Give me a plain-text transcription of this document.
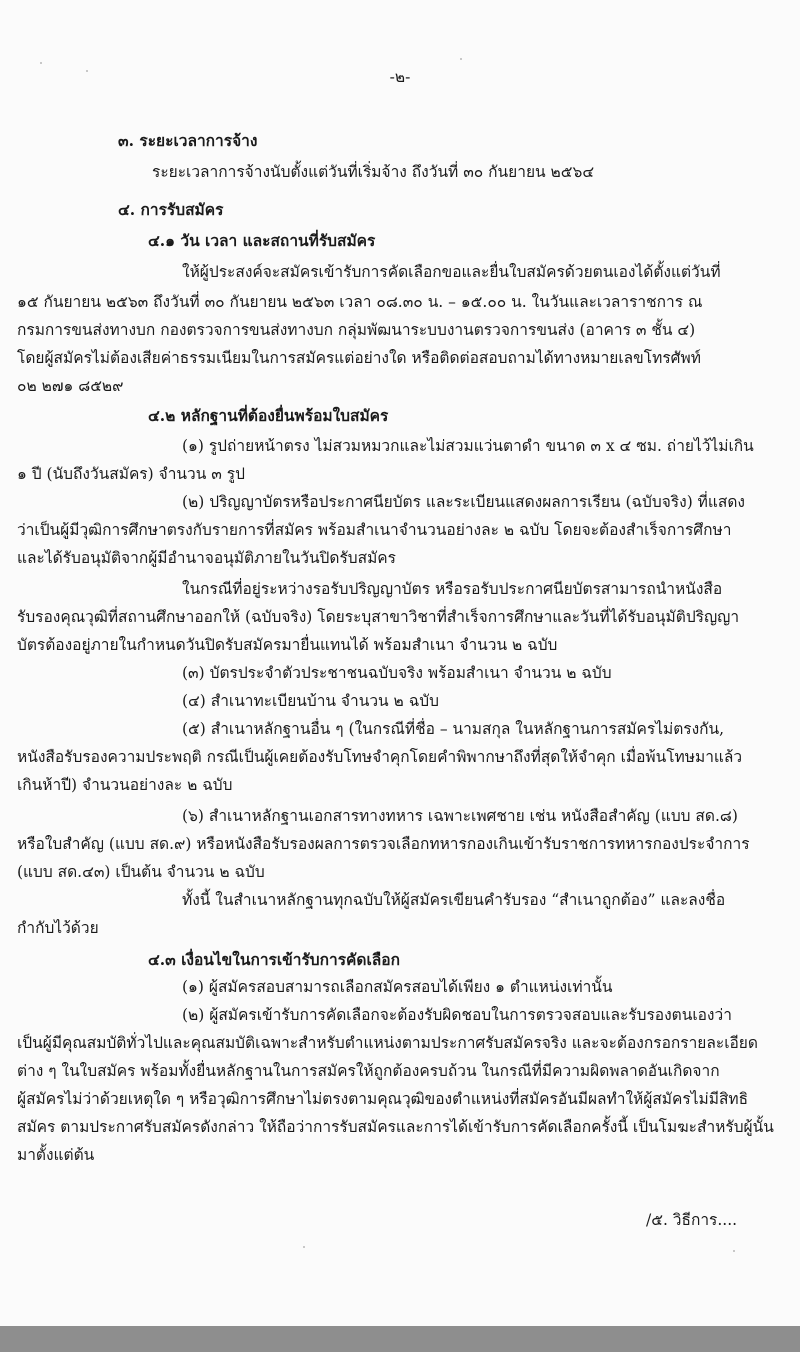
-๒-
๓. ระยะเวลาการจ้าง
ระยะเวลาการจ้างนับตั้งแต่วันที่เริ่มจ้าง ถึงวันที่ ๓๐ กันยายน ๒๕๖๔
๔. การรับสมัคร
๔.๑ วัน เวลา และสถานที่รับสมัคร
ให้ผู้ประสงค์จะสมัครเข้ารับการคัดเลือกขอและยื่นใบสมัครด้วยตนเองได้ตั้งแต่วันที่
๑๕ กันยายน ๒๕๖๓ ถึงวันที่ ๓๐ กันยายน ๒๕๖๓ เวลา ๐๘.๓๐ น. – ๑๕.๐๐ น. ในวันและเวลาราชการ ณ
กรมการขนส่งทางบก กองตรวจการขนส่งทางบก กลุ่มพัฒนาระบบงานตรวจการขนส่ง (อาคาร ๓ ชั้น ๔)
โดยผู้สมัครไม่ต้องเสียค่าธรรมเนียมในการสมัครแต่อย่างใด หรือติดต่อสอบถามได้ทางหมายเลขโทรศัพท์
๐๒ ๒๗๑ ๘๕๒๙
๔.๒ หลักฐานที่ต้องยื่นพร้อมใบสมัคร
(๑) รูปถ่ายหน้าตรง ไม่สวมหมวกและไม่สวมแว่นตาดำ ขนาด ๓ x ๔ ซม. ถ่ายไว้ไม่เกิน
๑ ปี (นับถึงวันสมัคร) จำนวน ๓ รูป
(๒) ปริญญาบัตรหรือประกาศนียบัตร และระเบียนแสดงผลการเรียน (ฉบับจริง) ที่แสดง
ว่าเป็นผู้มีวุฒิการศึกษาตรงกับรายการที่สมัคร พร้อมสำเนาจำนวนอย่างละ ๒ ฉบับ โดยจะต้องสำเร็จการศึกษา
และได้รับอนุมัติจากผู้มีอำนาจอนุมัติภายในวันปิดรับสมัคร
ในกรณีที่อยู่ระหว่างรอรับปริญญาบัตร หรือรอรับประกาศนียบัตรสามารถนำหนังสือ
รับรองคุณวุฒิที่สถานศึกษาออกให้ (ฉบับจริง) โดยระบุสาขาวิชาที่สำเร็จการศึกษาและวันที่ได้รับอนุมัติปริญญา
บัตรต้องอยู่ภายในกำหนดวันปิดรับสมัครมายื่นแทนได้ พร้อมสำเนา จำนวน ๒ ฉบับ
(๓) บัตรประจำตัวประชาชนฉบับจริง พร้อมสำเนา จำนวน ๒ ฉบับ
(๔) สำเนาทะเบียนบ้าน จำนวน ๒ ฉบับ
(๕) สำเนาหลักฐานอื่น ๆ (ในกรณีที่ชื่อ – นามสกุล ในหลักฐานการสมัครไม่ตรงกัน,
หนังสือรับรองความประพฤติ กรณีเป็นผู้เคยต้องรับโทษจำคุกโดยคำพิพากษาถึงที่สุดให้จำคุก เมื่อพ้นโทษมาแล้ว
เกินห้าปี) จำนวนอย่างละ ๒ ฉบับ
(๖) สำเนาหลักฐานเอกสารทางทหาร เฉพาะเพศชาย เช่น หนังสือสำคัญ (แบบ สด.๘)
หรือใบสำคัญ (แบบ สด.๙) หรือหนังสือรับรองผลการตรวจเลือกทหารกองเกินเข้ารับราชการทหารกองประจำการ
(แบบ สด.๔๓) เป็นต้น จำนวน ๒ ฉบับ
ทั้งนี้ ในสำเนาหลักฐานทุกฉบับให้ผู้สมัครเขียนคำรับรอง “สำเนาถูกต้อง” และลงชื่อ
กำกับไว้ด้วย
๔.๓ เงื่อนไขในการเข้ารับการคัดเลือก
(๑) ผู้สมัครสอบสามารถเลือกสมัครสอบได้เพียง ๑ ตำแหน่งเท่านั้น
(๒) ผู้สมัครเข้ารับการคัดเลือกจะต้องรับผิดชอบในการตรวจสอบและรับรองตนเองว่า
เป็นผู้มีคุณสมบัติทั่วไปและคุณสมบัติเฉพาะสำหรับตำแหน่งตามประกาศรับสมัครจริง และจะต้องกรอกรายละเอียด
ต่าง ๆ ในใบสมัคร พร้อมทั้งยื่นหลักฐานในการสมัครให้ถูกต้องครบถ้วน ในกรณีที่มีความผิดพลาดอันเกิดจาก
ผู้สมัครไม่ว่าด้วยเหตุใด ๆ หรือวุฒิการศึกษาไม่ตรงตามคุณวุฒิของตำแหน่งที่สมัครอันมีผลทำให้ผู้สมัครไม่มีสิทธิ
สมัคร ตามประกาศรับสมัครดังกล่าว ให้ถือว่าการรับสมัครและการได้เข้ารับการคัดเลือกครั้งนี้ เป็นโมฆะสำหรับผู้นั้น
มาตั้งแต่ต้น
/๕. วิธีการ....
